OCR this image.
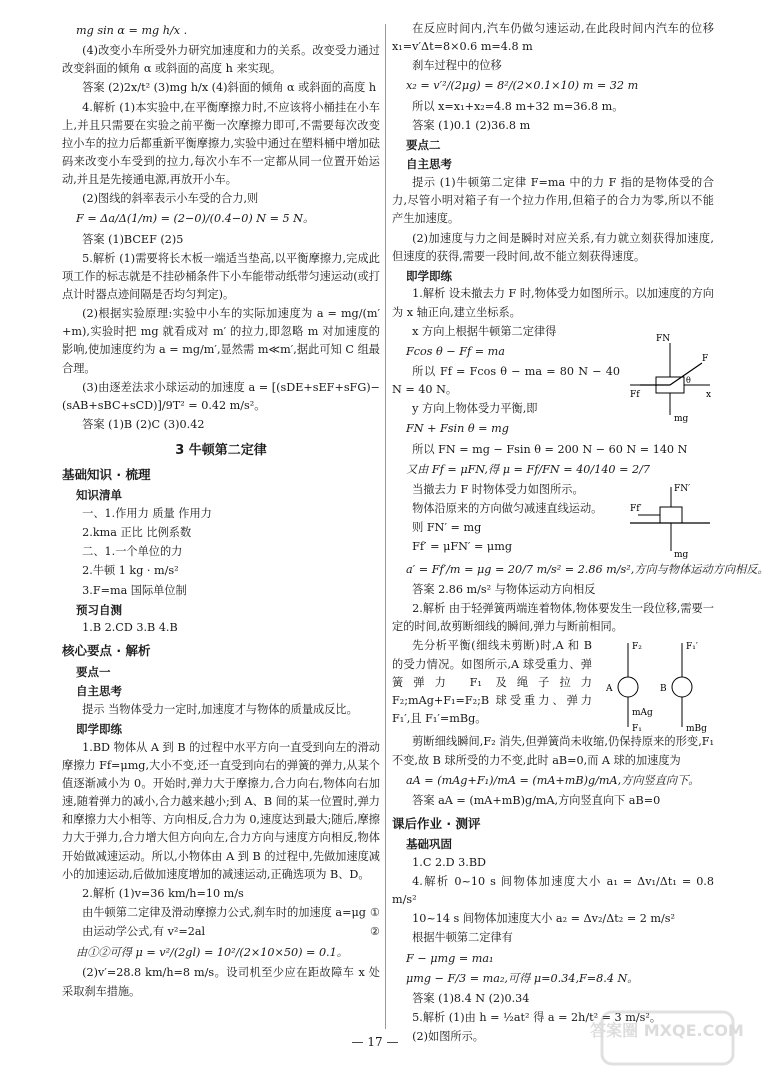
mg sin α = mg h/x .

(4)改变小车所受外力研究加速度和力的关系。改变受力通过改变斜面的倾角 α 或斜面的高度 h 来实现。

答案 (2)2x/t² (3)mg h/x (4)斜面的倾角 α 或斜面的高度 h

4.解析 (1)本实验中,在平衡摩擦力时,不应该将小桶挂在小车上,并且只需要在实验之前平衡一次摩擦力即可,不需要每次改变拉小车的拉力后都重新平衡摩擦力,实验中通过在塑料桶中增加砝码来改变小车受到的拉力,每次小车不一定都从同一位置开始运动,并且是先接通电源,再放开小车。

(2)图线的斜率表示小车受的合力,则

F = Δa/Δ(1/m) = (2−0)/(0.4−0) N = 5 N。

答案 (1)BCEF (2)5

5.解析 (1)需要将长木板一端适当垫高,以平衡摩擦力,完成此项工作的标志就是不挂砂桶条件下小车能带动纸带匀速运动(或打点计时器点迹间隔是否均匀判定)。

(2)根据实验原理:实验中小车的实际加速度为 a = mg/(m′+m),实验时把 mg 就看成对 m′ 的拉力,即忽略 m 对加速度的影响,使加速度约为 a = mg/m′,显然需 m≪m′,据此可知 C 组最合理。

(3)由逐差法求小球运动的加速度 a = [(sDE+sEF+sFG)−(sAB+sBC+sCD)]/9T² = 0.42 m/s²。

答案 (1)B (2)C (3)0.42

3 牛顿第二定律
基础知识 · 梳理
知识清单

一、1.作用力 质量 作用力

2.kma 正比 比例系数

二、1.一个单位的力

2.牛顿 1 kg · m/s²

3.F=ma 国际单位制

预习自测

1.B 2.CD 3.B 4.B

核心要点 · 解析
要点一
自主思考

提示 当物体受力一定时,加速度才与物体的质量成反比。

即学即练

1.BD 物体从 A 到 B 的过程中水平方向一直受到向左的滑动摩擦力 Ff=μmg,大小不变,还一直受到向右的弹簧的弹力,从某个值逐渐减小为 0。开始时,弹力大于摩擦力,合力向右,物体向右加速,随着弹力的减小,合力越来越小;到 A、B 间的某一位置时,弹力和摩擦力大小相等、方向相反,合力为 0,速度达到最大;随后,摩擦力大于弹力,合力增大但方向向左,合力方向与速度方向相反,物体开始做减速运动。所以,小物体由 A 到 B 的过程中,先做加速度减小的加速运动,后做加速度增加的减速运动,正确选项为 B、D。

2.解析 (1)v=36 km/h=10 m/s

由牛顿第二定律及滑动摩擦力公式,刹车时的加速度 a=μg ①

由运动学公式,有 v²=2al	②

由①②可得 μ = v²/(2gl) = 10²/(2×10×50) = 0.1。

(2)v′=28.8 km/h=8 m/s。设司机至少应在距故障车 x 处采取刹车措施。

在反应时间内,汽车仍做匀速运动,在此段时间内汽车的位移 x₁=v′Δt=8×0.6 m=4.8 m

刹车过程中的位移

x₂ = v′²/(2μg) = 8²/(2×0.1×10) m = 32 m

所以 x=x₁+x₂=4.8 m+32 m=36.8 m。

答案 (1)0.1 (2)36.8 m

要点二
自主思考

提示 (1)牛顿第二定律 F=ma 中的力 F 指的是物体受的合力,尽管小明对箱子有一个拉力作用,但箱子的合力为零,所以不能产生加速度。

(2)加速度与力之间是瞬时对应关系,有力就立刻获得加速度,但速度的获得,需要一段时间,故不能立刻获得速度。

即学即练

1.解析 设未撤去力 F 时,物体受力如图所示。以加速度的方向为 x 轴正向,建立坐标系。

x 方向上根据牛顿第二定律得

Fcos θ − Ff = ma

所以 Ff = Fcos θ − ma = 80 N − 40 N = 40 N。

y 方向上物体受力平衡,即

FN + Fsin θ = mg

FN
F
θ
x
Ff
mg

所以 FN = mg − Fsin θ = 200 N − 60 N = 140 N

又由 Ff = μFN,得 μ = Ff/FN = 40/140 = 2/7

当撤去力 F 时物体受力如图所示。

物体沿原来的方向做匀减速直线运动。

则 FN′ = mg

Ff′ = μFN′ = μmg

FN′
Ff′
mg

a′ = Ff′/m = μg = 20/7 m/s² = 2.86 m/s²,方向与物体运动方向相反。

答案 2.86 m/s² 与物体运动方向相反

2.解析 由于轻弹簧两端连着物体,物体要发生一段位移,需要一定的时间,故剪断细线的瞬间,弹力与断前相同。

先分析平衡(细线未剪断)时,A 和 B 的受力情况。如图所示,A 球受重力、弹簧弹力 F₁ 及绳子拉力 F₂;mAg+F₁=F₂;B 球受重力、弹力 F₁′,且 F₁′=mBg。

F₂	F₁′
A	B
mAg
F₁	mBg

剪断细线瞬间,F₂ 消失,但弹簧尚未收缩,仍保持原来的形变,F₁ 不变,故 B 球所受的力不变,此时 aB=0,而 A 球的加速度为

aA = (mAg+F₁)/mA = (mA+mB)g/mA,方向竖直向下。

答案 aA = (mA+mB)g/mA,方向竖直向下 aB=0

课后作业 · 测评
基础巩固

1.C 2.D 3.BD

4.解析 0~10 s 间物体加速度大小 a₁ = Δv₁/Δt₁ = 0.8 m/s²

10~14 s 间物体加速度大小 a₂ = Δv₂/Δt₂ = 2 m/s²

根据牛顿第二定律有

F − μmg = ma₁

μmg − F/3 = ma₂,可得 μ=0.34,F=8.4 N。

答案 (1)8.4 N (2)0.34

5.解析 (1)由 h = ½at² 得 a = 2h/t² = 3 m/s²。

(2)如图所示。

— 17 —
答案圈 MXQE.COM
